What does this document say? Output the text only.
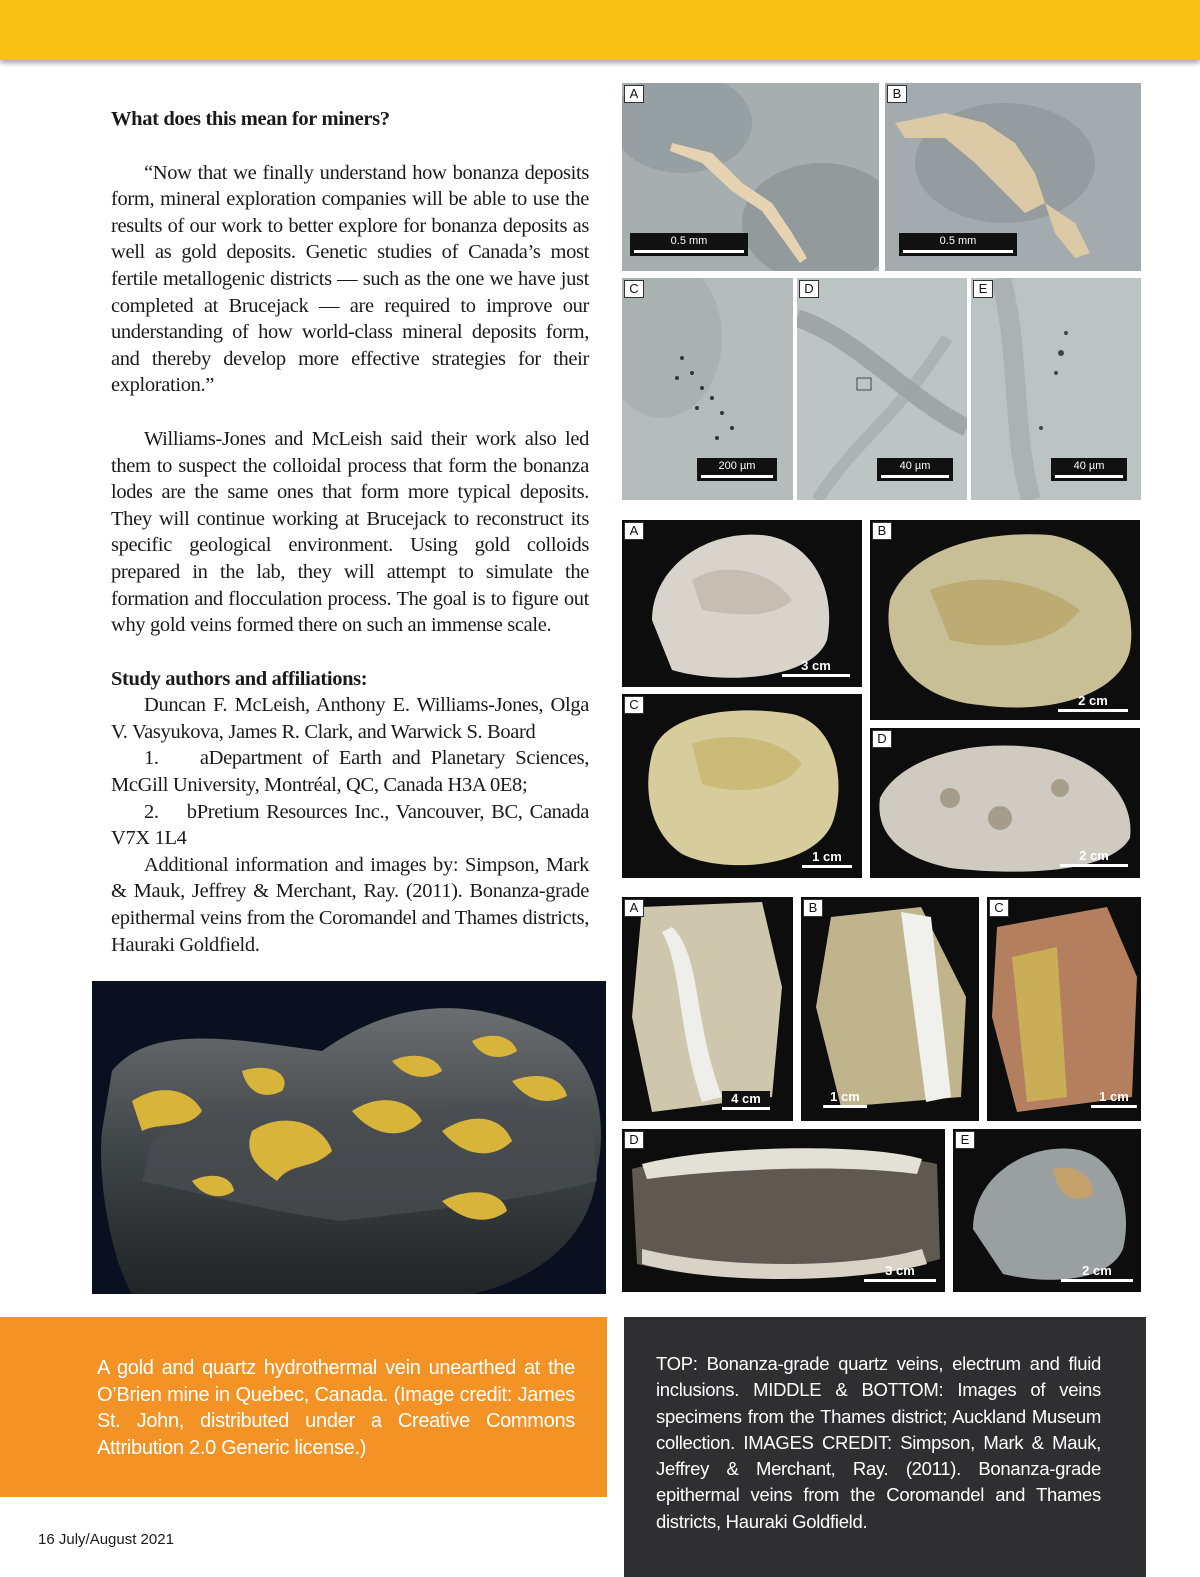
What does this mean for miners?

“Now that we finally understand how bonanza deposits form, mineral exploration companies will be able to use the results of our work to better explore for bonanza deposits as well as gold deposits. Genetic studies of Canada’s most fertile metallogenic districts — such as the one we have just completed at Brucejack — are required to improve our understanding of how world-class mineral deposits form, and thereby develop more effective strategies for their exploration.”

Williams-Jones and McLeish said their work also led them to suspect the colloidal process that form the bonanza lodes are the same ones that form more typical deposits. They will continue working at Brucejack to reconstruct its specific geological environment. Using gold colloids prepared in the lab, they will attempt to simulate the formation and flocculation process. The goal is to figure out why gold veins formed there on such an immense scale.

Study authors and affiliations:

Duncan F. McLeish, Anthony E. Williams-Jones, Olga V. Vasyukova, James R. Clark, and Warwick S. Board

1.    aDepartment of Earth and Planetary Sciences, McGill University, Montréal, QC, Canada H3A 0E8;

2.    bPretium Resources Inc., Vancouver, BC, Canada V7X 1L4

Additional information and images by: Simpson, Mark & Mauk, Jeffrey & Merchant, Ray. (2011). Bonanza-grade epithermal veins from the Coromandel and Thames districts, Hauraki Goldfield.

A
0.5 mm
B
0.5 mm
C
200 µm
D
40 µm
E
40 µm
A
3 cm
B
2 cm
C
1 cm
D
2 cm
A
4 cm
B
1 cm
C
1 cm
D
3 cm
E
2 cm

A gold and quartz hydrothermal vein unearthed at the O’Brien mine in Quebec, Canada. (Image credit: James St. John, distributed under a Creative Commons Attribution 2.0 Generic license.)

TOP: Bonanza-grade quartz veins, electrum and fluid inclusions. MIDDLE & BOTTOM: Images of veins specimens from the Thames district; Auckland Museum collection. IMAGES CREDIT: Simpson, Mark & Mauk, Jeffrey & Merchant, Ray. (2011). Bonanza-grade epithermal veins from the Coromandel and Thames districts, Hauraki Goldfield.

16 July/August 2021
